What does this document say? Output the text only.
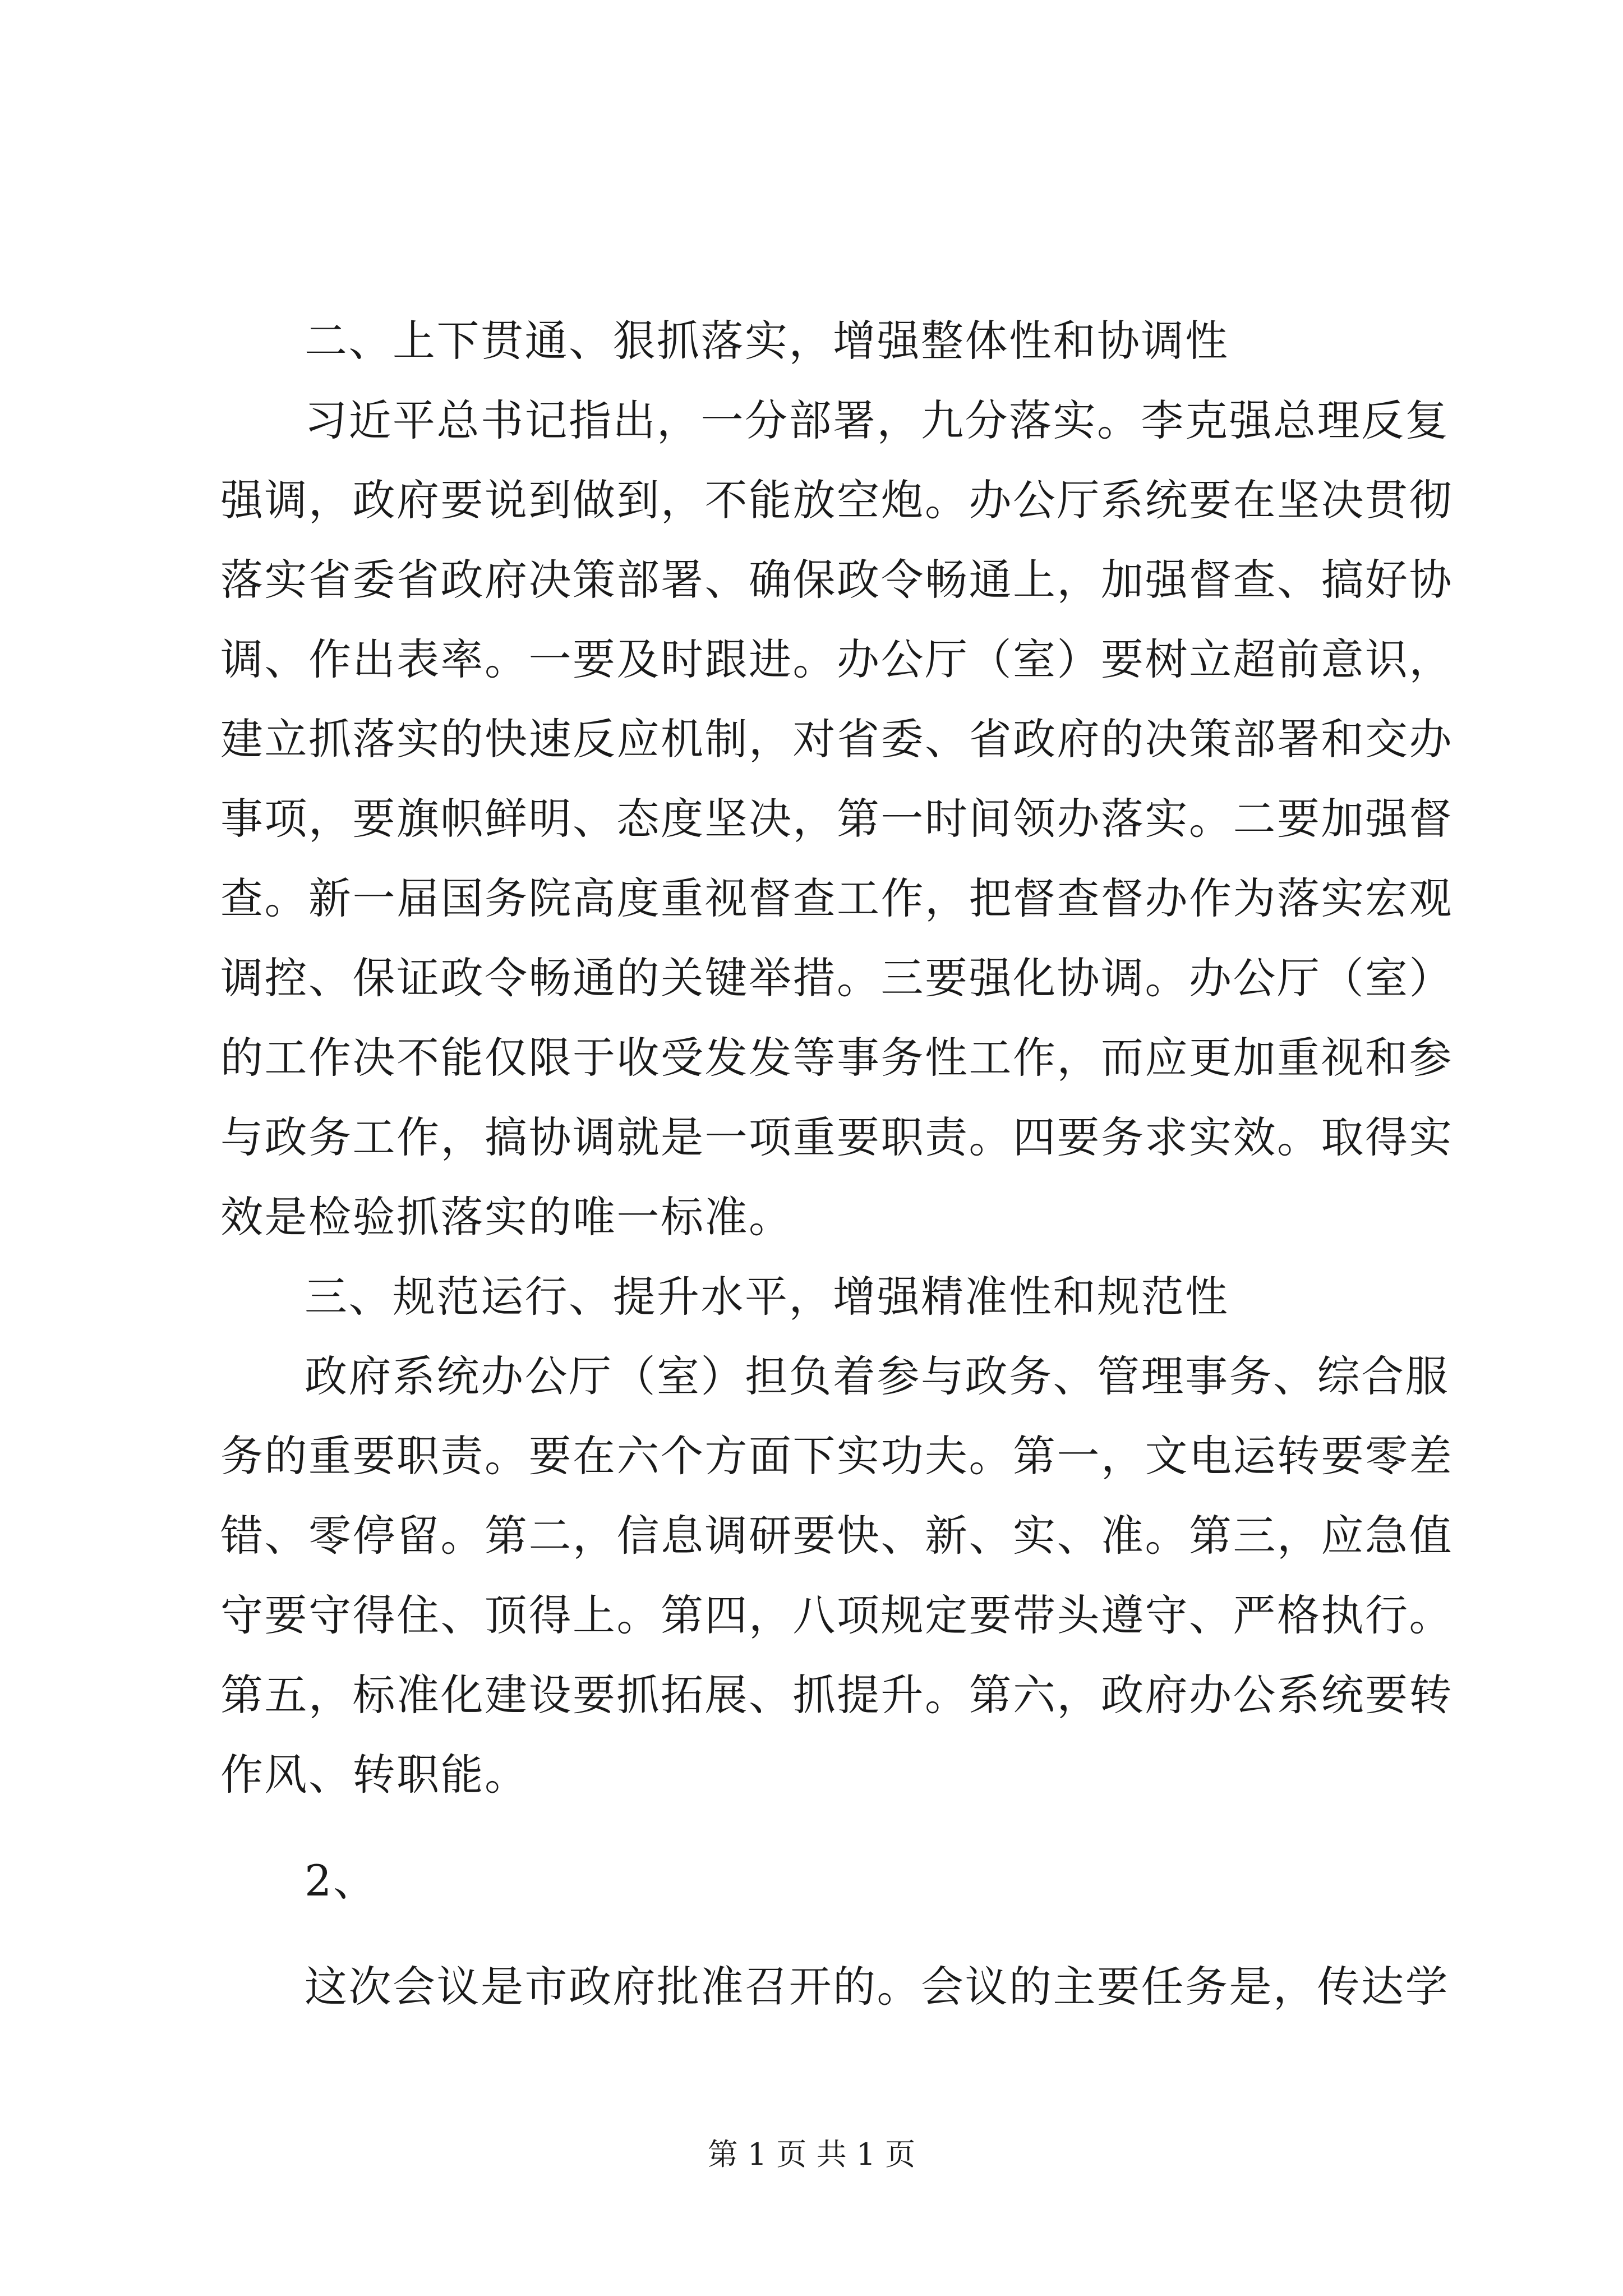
二、上下贯通、狠抓落实，增强整体性和协调性
习近平总书记指出，一分部署，九分落实。李克强总理反复
强调，政府要说到做到，不能放空炮。办公厅系统要在坚决贯彻
落实省委省政府决策部署、确保政令畅通上，加强督查、搞好协
调、作出表率。一要及时跟进。办公厅（室）要树立超前意识，
建立抓落实的快速反应机制，对省委、省政府的决策部署和交办
事项，要旗帜鲜明、态度坚决，第一时间领办落实。二要加强督
查。新一届国务院高度重视督查工作，把督查督办作为落实宏观
调控、保证政令畅通的关键举措。三要强化协调。办公厅（室）
的工作决不能仅限于收受发发等事务性工作，而应更加重视和参
与政务工作，搞协调就是一项重要职责。四要务求实效。取得实
效是检验抓落实的唯一标准。
三、规范运行、提升水平，增强精准性和规范性
政府系统办公厅（室）担负着参与政务、管理事务、综合服
务的重要职责。要在六个方面下实功夫。第一，文电运转要零差
错、零停留。第二，信息调研要快、新、实、准。第三，应急值
守要守得住、顶得上。第四，八项规定要带头遵守、严格执行。
第五，标准化建设要抓拓展、抓提升。第六，政府办公系统要转
作风、转职能。
2、
这次会议是市政府批准召开的。会议的主要任务是，传达学
第 1 页 共 1 页
